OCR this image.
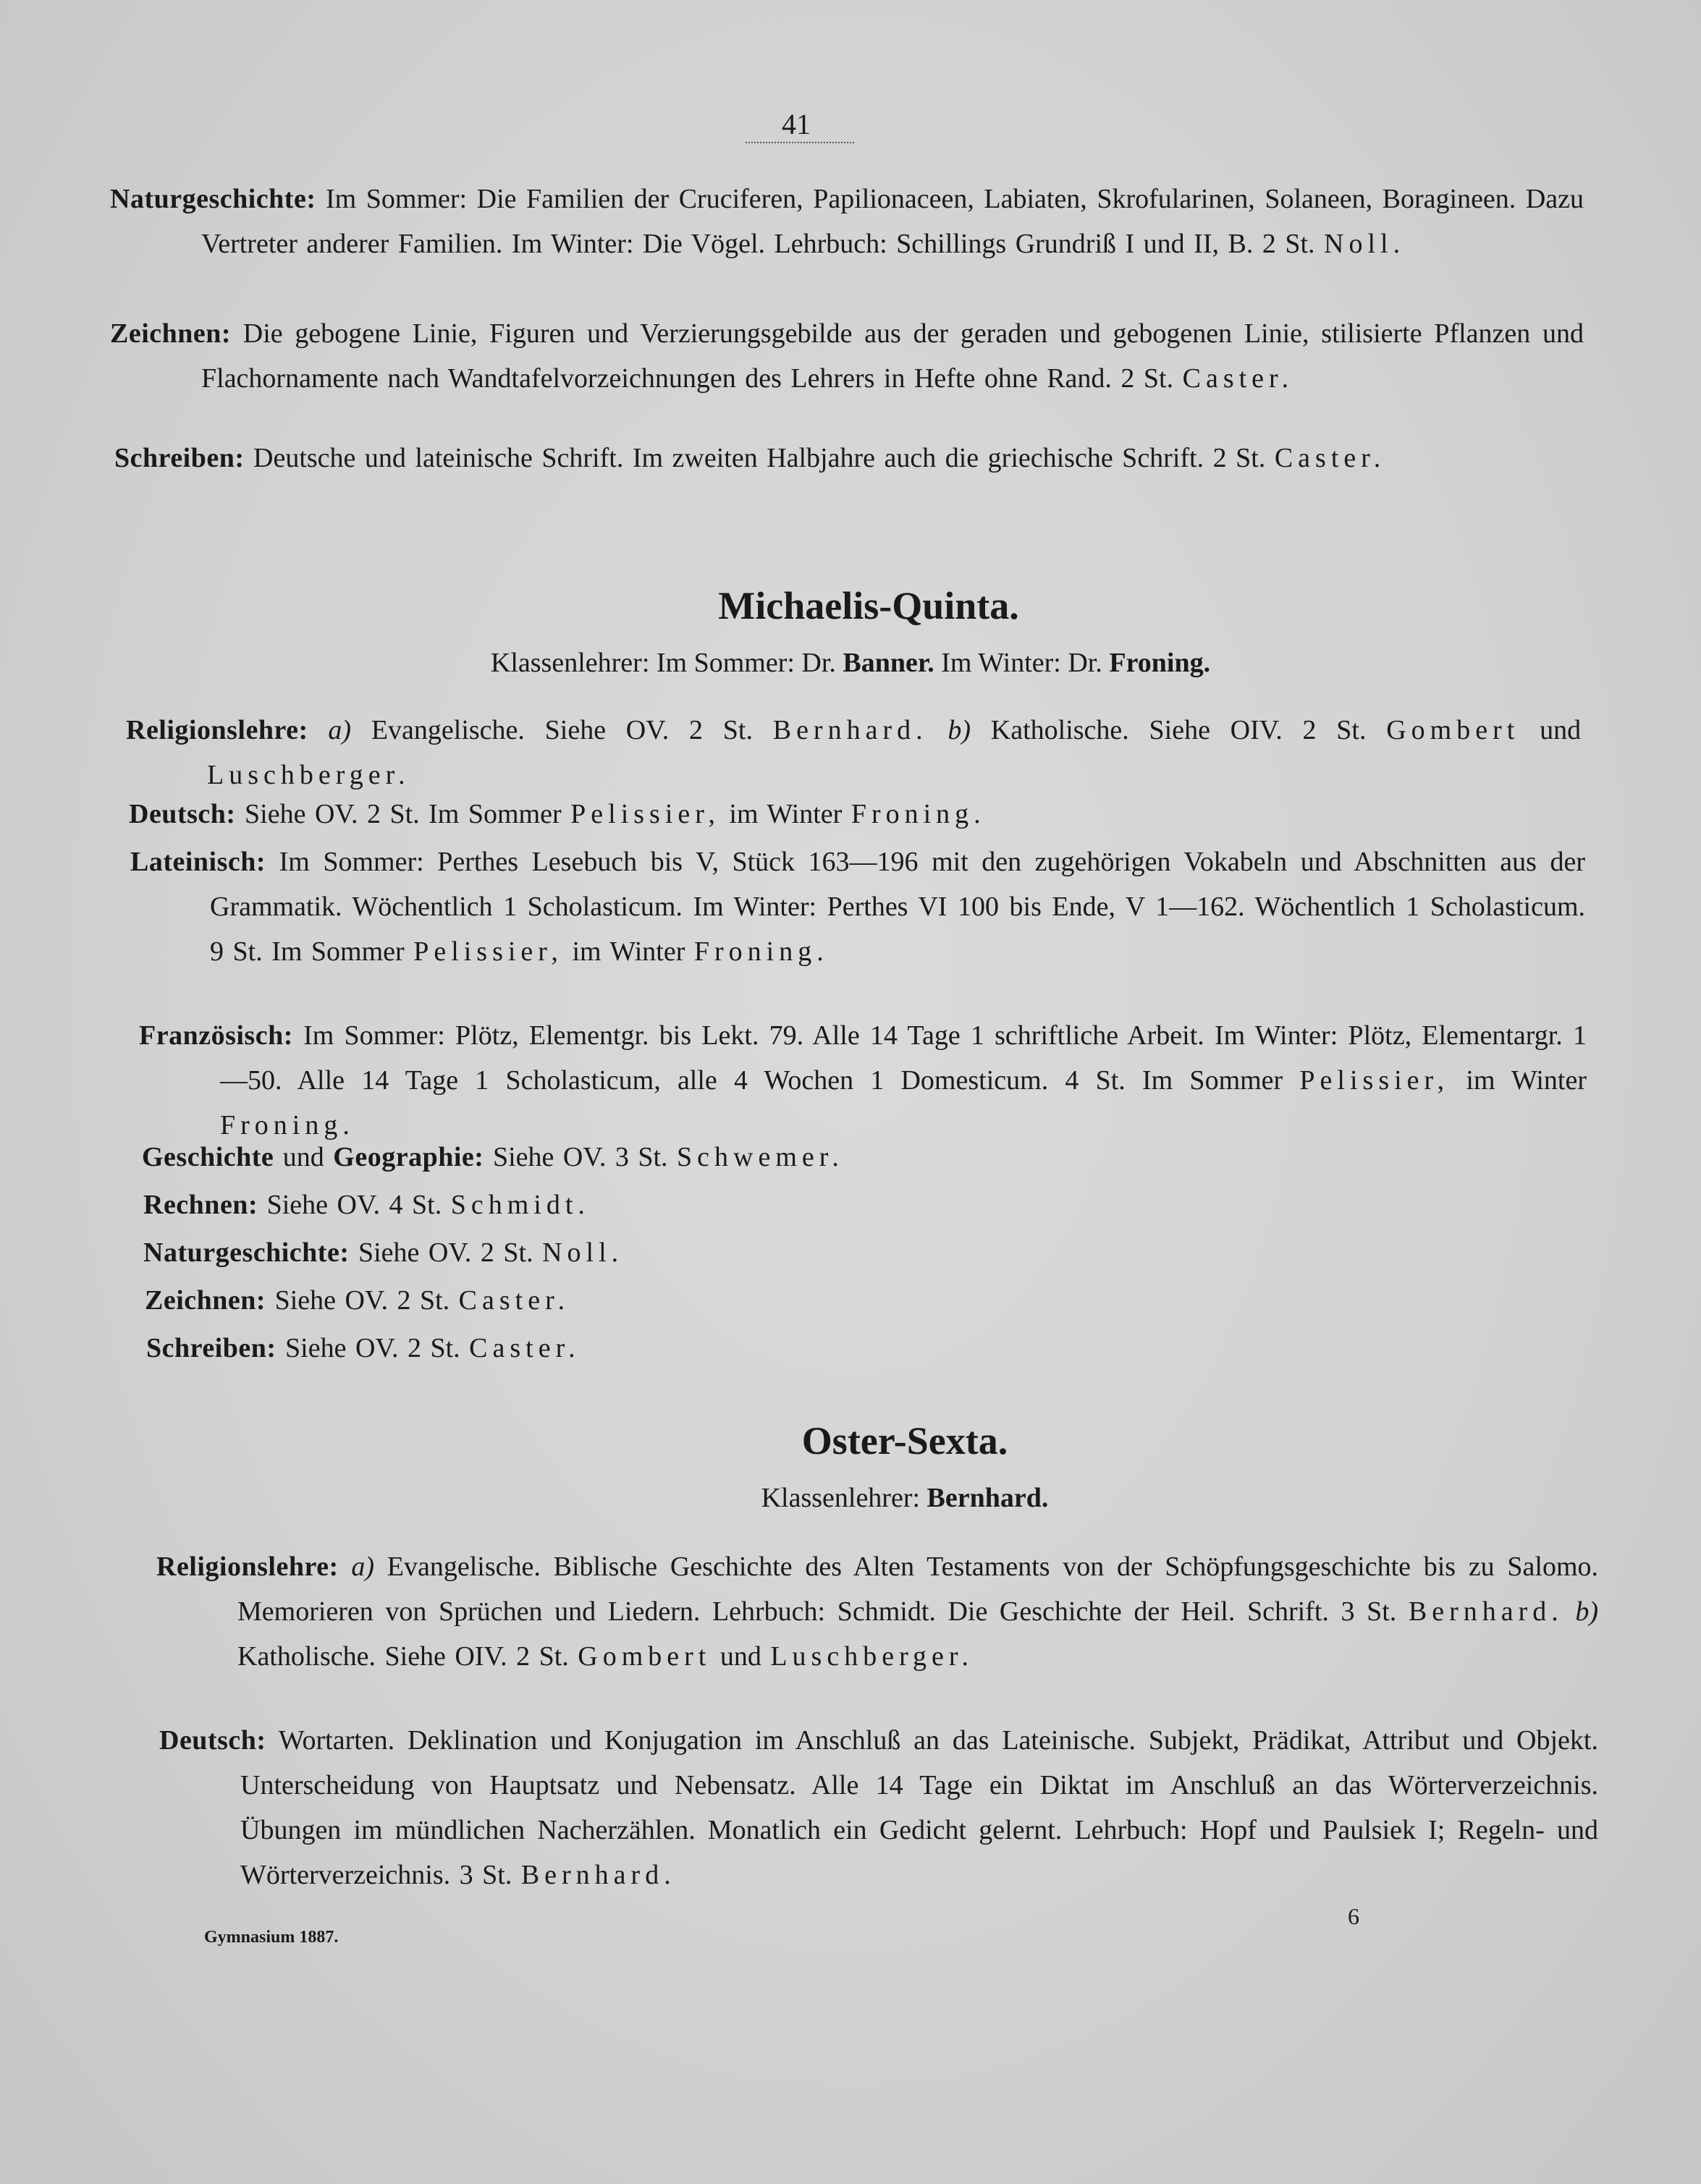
41

Naturgeschichte: Im Sommer: Die Familien der Cruciferen, Papilionaceen, Labiaten, Skrofularinen, Solaneen, Boragineen. Dazu Vertreter anderer Familien. Im Winter: Die Vögel. Lehrbuch: Schillings Grundriß I und II, B. 2 St. Noll.

Zeichnen: Die gebogene Linie, Figuren und Verzierungsgebilde aus der geraden und gebogenen Linie, stilisierte Pflanzen und Flachornamente nach Wandtafelvorzeichnungen des Lehrers in Hefte ohne Rand. 2 St. Caster.

Schreiben: Deutsche und lateinische Schrift. Im zweiten Halbjahre auch die griechische Schrift. 2 St. Caster.

Michaelis-Quinta.

Klassenlehrer: Im Sommer: Dr. Banner. Im Winter: Dr. Froning.

Religionslehre: a) Evangelische. Siehe OV. 2 St. Bernhard. b) Katholische. Siehe OIV. 2 St. Gombert und Luschberger.

Deutsch: Siehe OV. 2 St. Im Sommer Pelissier, im Winter Froning.

Lateinisch: Im Sommer: Perthes Lesebuch bis V, Stück 163—196 mit den zugehörigen Vokabeln und Abschnitten aus der Grammatik. Wöchentlich 1 Scholasticum. Im Winter: Perthes VI 100 bis Ende, V 1—162. Wöchentlich 1 Scholasticum. 9 St. Im Sommer Pelissier, im Winter Froning.

Französisch: Im Sommer: Plötz, Elementgr. bis Lekt. 79. Alle 14 Tage 1 schriftliche Arbeit. Im Winter: Plötz, Elementargr. 1—50. Alle 14 Tage 1 Scholasticum, alle 4 Wochen 1 Domesticum. 4 St. Im Sommer Pelissier, im Winter Froning.

Geschichte und Geographie: Siehe OV. 3 St. Schwemer.

Rechnen: Siehe OV. 4 St. Schmidt.

Naturgeschichte: Siehe OV. 2 St. Noll.

Zeichnen: Siehe OV. 2 St. Caster.

Schreiben: Siehe OV. 2 St. Caster.

Oster-Sexta.

Klassenlehrer: Bernhard.

Religionslehre: a) Evangelische. Biblische Geschichte des Alten Testaments von der Schöpfungsgeschichte bis zu Salomo. Memorieren von Sprüchen und Liedern. Lehrbuch: Schmidt. Die Geschichte der Heil. Schrift. 3 St. Bernhard. b) Katholische. Siehe OIV. 2 St. Gombert und Luschberger.

Deutsch: Wortarten. Deklination und Konjugation im Anschluß an das Lateinische. Subjekt, Prädikat, Attribut und Objekt. Unterscheidung von Hauptsatz und Nebensatz. Alle 14 Tage ein Diktat im Anschluß an das Wörterverzeichnis. Übungen im mündlichen Nacherzählen. Monatlich ein Gedicht gelernt. Lehrbuch: Hopf und Paulsiek I; Regeln- und Wörterverzeichnis. 3 St. Bernhard.

Gymnasium 1887.
6
